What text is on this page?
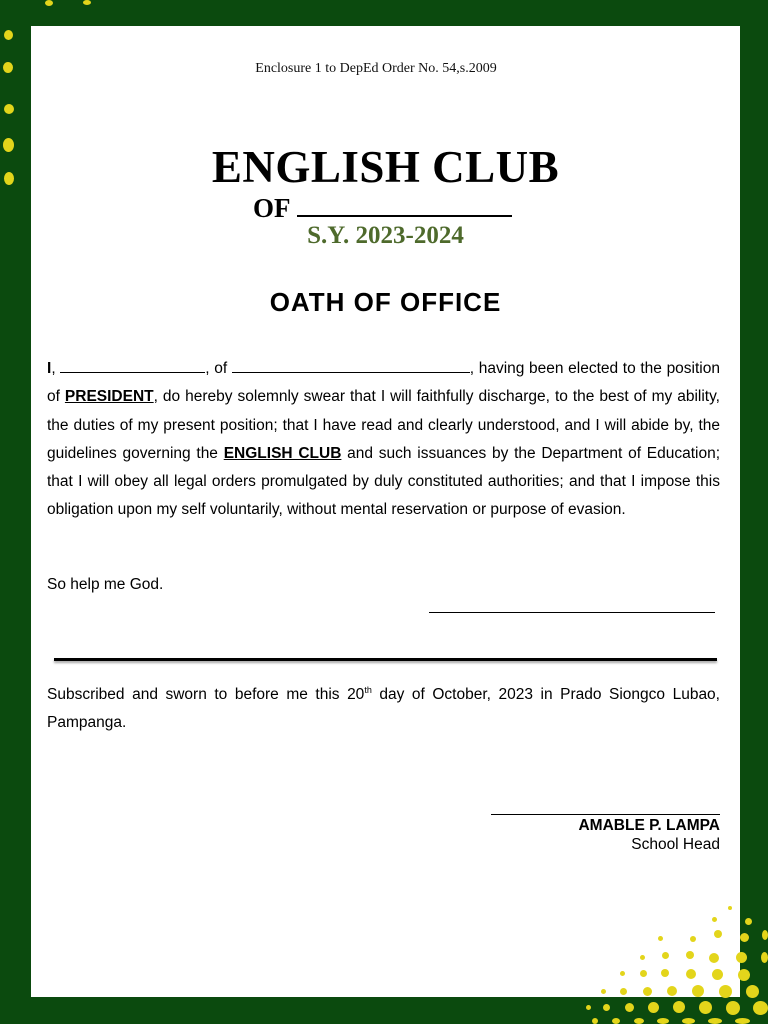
Enclosure 1 to DepEd Order No. 54,s.2009
ENGLISH CLUB
OF
S.Y. 2023-2024
OATH OF OFFICE
I,	, of	, having been elected to the position of PRESIDENT, do hereby solemnly swear that I will faithfully discharge, to the best of my ability, the duties of my present position; that I have read and clearly understood, and I will abide by, the guidelines governing the ENGLISH CLUB and such issuances by the Department of Education; that I will obey all legal orders promulgated by duly constituted authorities; and that I impose this obligation upon my self voluntarily, without mental reservation or purpose of evasion.
So help me God.
Subscribed and sworn to before me this 20th day of October, 2023 in Prado Siongco Lubao, Pampanga.
AMABLE P. LAMPA
School Head
